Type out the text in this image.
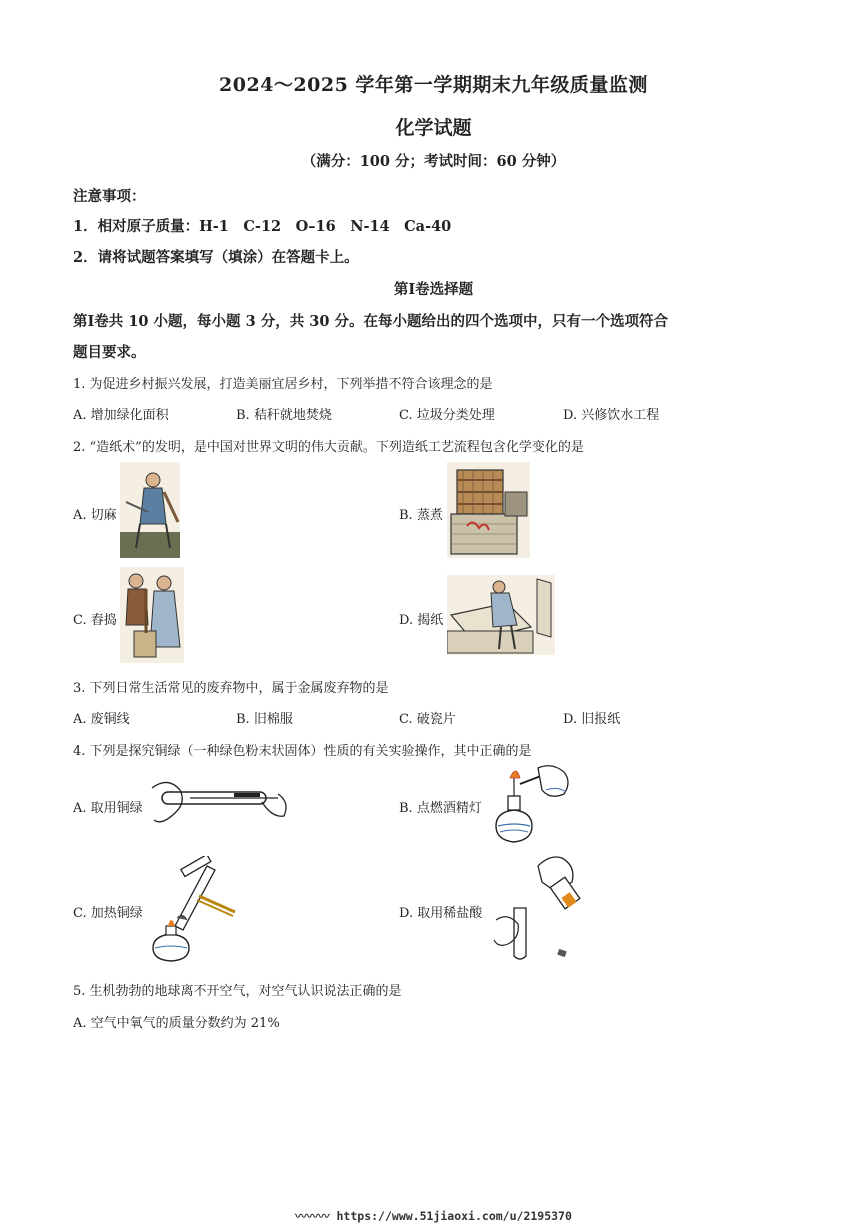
2024～2025 学年第一学期期末九年级质量监测
化学试题
（满分：100 分；考试时间：60 分钟）
注意事项：
1．相对原子质量：H-1　C-12　O–16　N-14　Ca-40
2．请将试题答案填写（填涂）在答题卡上。
第Ⅰ卷选择题
第Ⅰ卷共 10 小题，每小题 3 分，共 30 分。在每小题给出的四个选项中，只有一个选项符合
题目要求。
1. 为促进乡村振兴发展，打造美丽宜居乡村，下列举措不符合该理念的是
A. 增加绿化面积	B. 秸秆就地焚烧	C. 垃圾分类处理	D. 兴修饮水工程
2. “造纸术”的发明，是中国对世界文明的伟大贡献。下列造纸工艺流程包含化学变化的是
A. 切麻	B. 蒸煮
C. 舂捣	D. 揭纸
3. 下列日常生活常见的废弃物中，属于金属废弃物的是
A. 废铜线	B. 旧棉服	C. 破瓷片	D. 旧报纸
4. 下列是探究铜绿（一种绿色粉末状固体）性质的有关实验操作，其中正确的是
A. 取用铜绿	B. 点燃酒精灯
C. 加热铜绿	D. 取用稀盐酸
5. 生机勃勃的地球离不开空气，对空气认识说法正确的是
A. 空气中氧气的质量分数约为 21%
〰〰〰 https://www.51jiaoxi.com/u/2195370
